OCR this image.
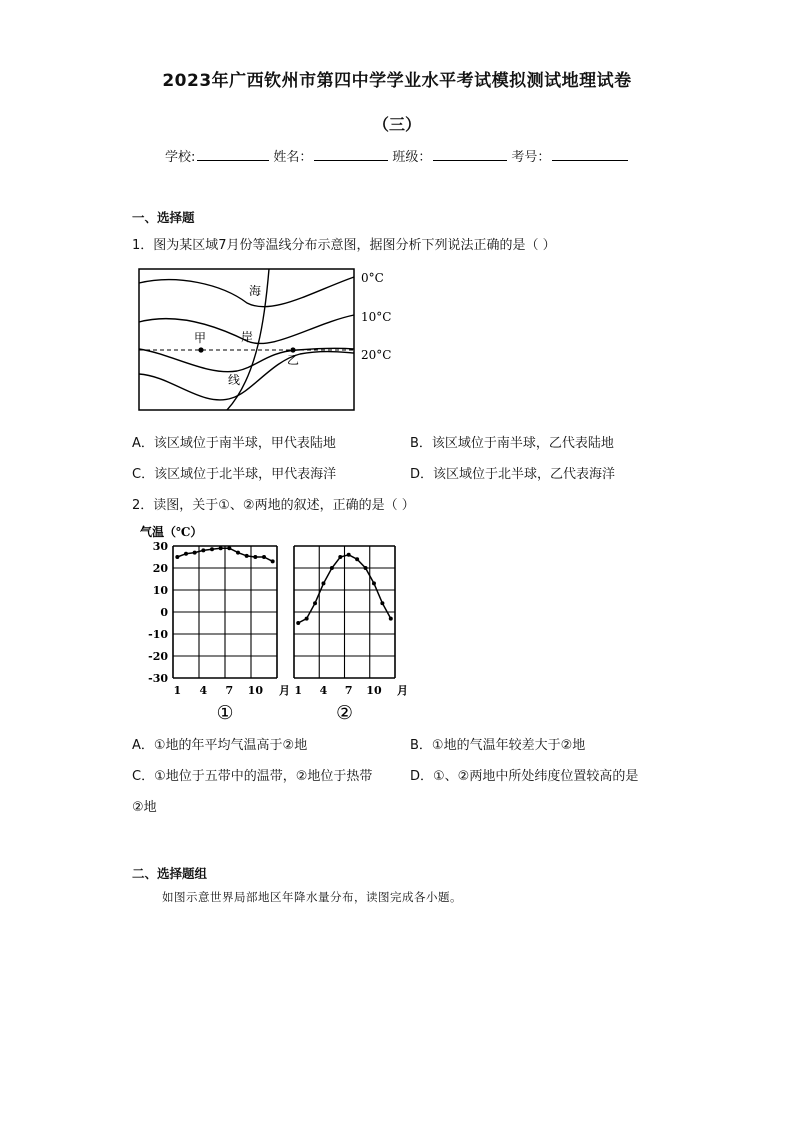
2023年广西钦州市第四中学学业水平考试模拟测试地理试卷
（三）
学校:	姓名：	班级：	考号：
一、选择题
1．图为某区域7月份等温线分布示意图，据图分析下列说法正确的是（ ）
甲
乙
海
岸
线
0°C
10°C
20°C
A．该区域位于南半球，甲代表陆地	B．该区域位于南半球，乙代表陆地
C．该区域位于北半球，甲代表海洋	D．该区域位于北半球，乙代表海洋
2．读图，关于①、②两地的叙述，正确的是（ ）
气温（℃）
30
20
10
0
-10
-20
-30
1 4 7 10 月 1 4 7 10 月
①	②
A．①地的年平均气温高于②地	B．①地的气温年较差大于②地
C．①地位于五带中的温带，②地位于热带	D．①、②两地中所处纬度位置较高的是
②地
二、选择题组
如图示意世界局部地区年降水量分布，读图完成各小题。
